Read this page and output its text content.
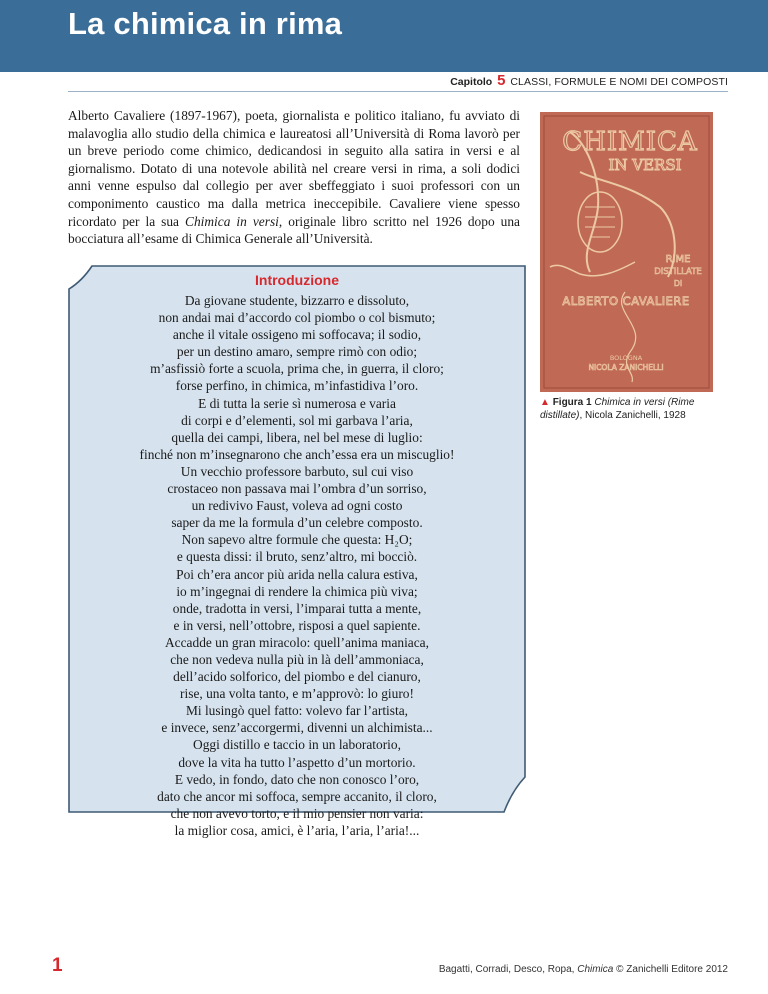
La chimica in rima
Capitolo 5 CLASSI, FORMULE E NOMI DEI COMPOSTI

Alberto Cavaliere (1897-1967), poeta, giornalista e politico italiano, fu avviato di malavoglia allo studio della chimica e laureatosi all’Università di Roma lavorò per un breve periodo come chimico, dedicandosi in seguito alla satira in versi e al giornalismo. Dotato di una notevole abilità nel creare versi in rima, a soli dodici anni venne espulso dal collegio per aver sbeffeggiato i suoi professori con un componimento caustico ma dalla metrica ineccepibile. Cavaliere viene spesso ricordato per la sua Chimica in versi, originale libro scritto nel 1926 dopo una bocciatura all’esame di Chimica Generale all’Università.

CHIMICA
IN VERSI
RIME
DISTILLATE
DI
ALBERTO CAVALIERE
BOLOGNA
NICOLA ZANICHELLI
▲ Figura 1 Chimica in versi (Rime distillate), Nicola Zanichelli, 1928
Introduzione
Da giovane studente, bizzarro e dissoluto,
non andai mai d’accordo col piombo o col bismuto;
anche il vitale ossigeno mi soffocava; il sodio,
per un destino amaro, sempre rimò con odio;
m’asfissiò forte a scuola, prima che, in guerra, il cloro;
forse perfino, in chimica, m’infastidiva l’oro.
E di tutta la serie sì numerosa e varia
di corpi e d’elementi, sol mi garbava l’aria,
quella dei campi, libera, nel bel mese di luglio:
finché non m’insegnarono che anch’essa era un miscuglio!
Un vecchio professore barbuto, sul cui viso
crostaceo non passava mai l’ombra d’un sorriso,
un redivivo Faust, voleva ad ogni costo
saper da me la formula d’un celebre composto.
Non sapevo altre formule che questa: H₂O;
e questa dissi: il bruto, senz’altro, mi bocciò.
Poi ch’era ancor più arida nella calura estiva,
io m’ingegnai di rendere la chimica più viva;
onde, tradotta in versi, l’imparai tutta a mente,
e in versi, nell’ottobre, risposi a quel sapiente.
Accadde un gran miracolo: quell’anima maniaca,
che non vedeva nulla più in là dell’ammoniaca,
dell’acido solforico, del piombo e del cianuro,
rise, una volta tanto, e m’approvò: lo giuro!
Mi lusingò quel fatto: volevo far l’artista,
e invece, senz’accorgermi, divenni un alchimista...
Oggi distillo e taccio in un laboratorio,
dove la vita ha tutto l’aspetto d’un mortorio.
E vedo, in fondo, dato che non conosco l’oro,
dato che ancor mi soffoca, sempre accanito, il cloro,
che non avevo torto, e il mio pensier non varia:
la miglior cosa, amici, è l’aria, l’aria, l’aria!...
1	Bagatti, Corradi, Desco, Ropa, Chimica © Zanichelli Editore 2012
